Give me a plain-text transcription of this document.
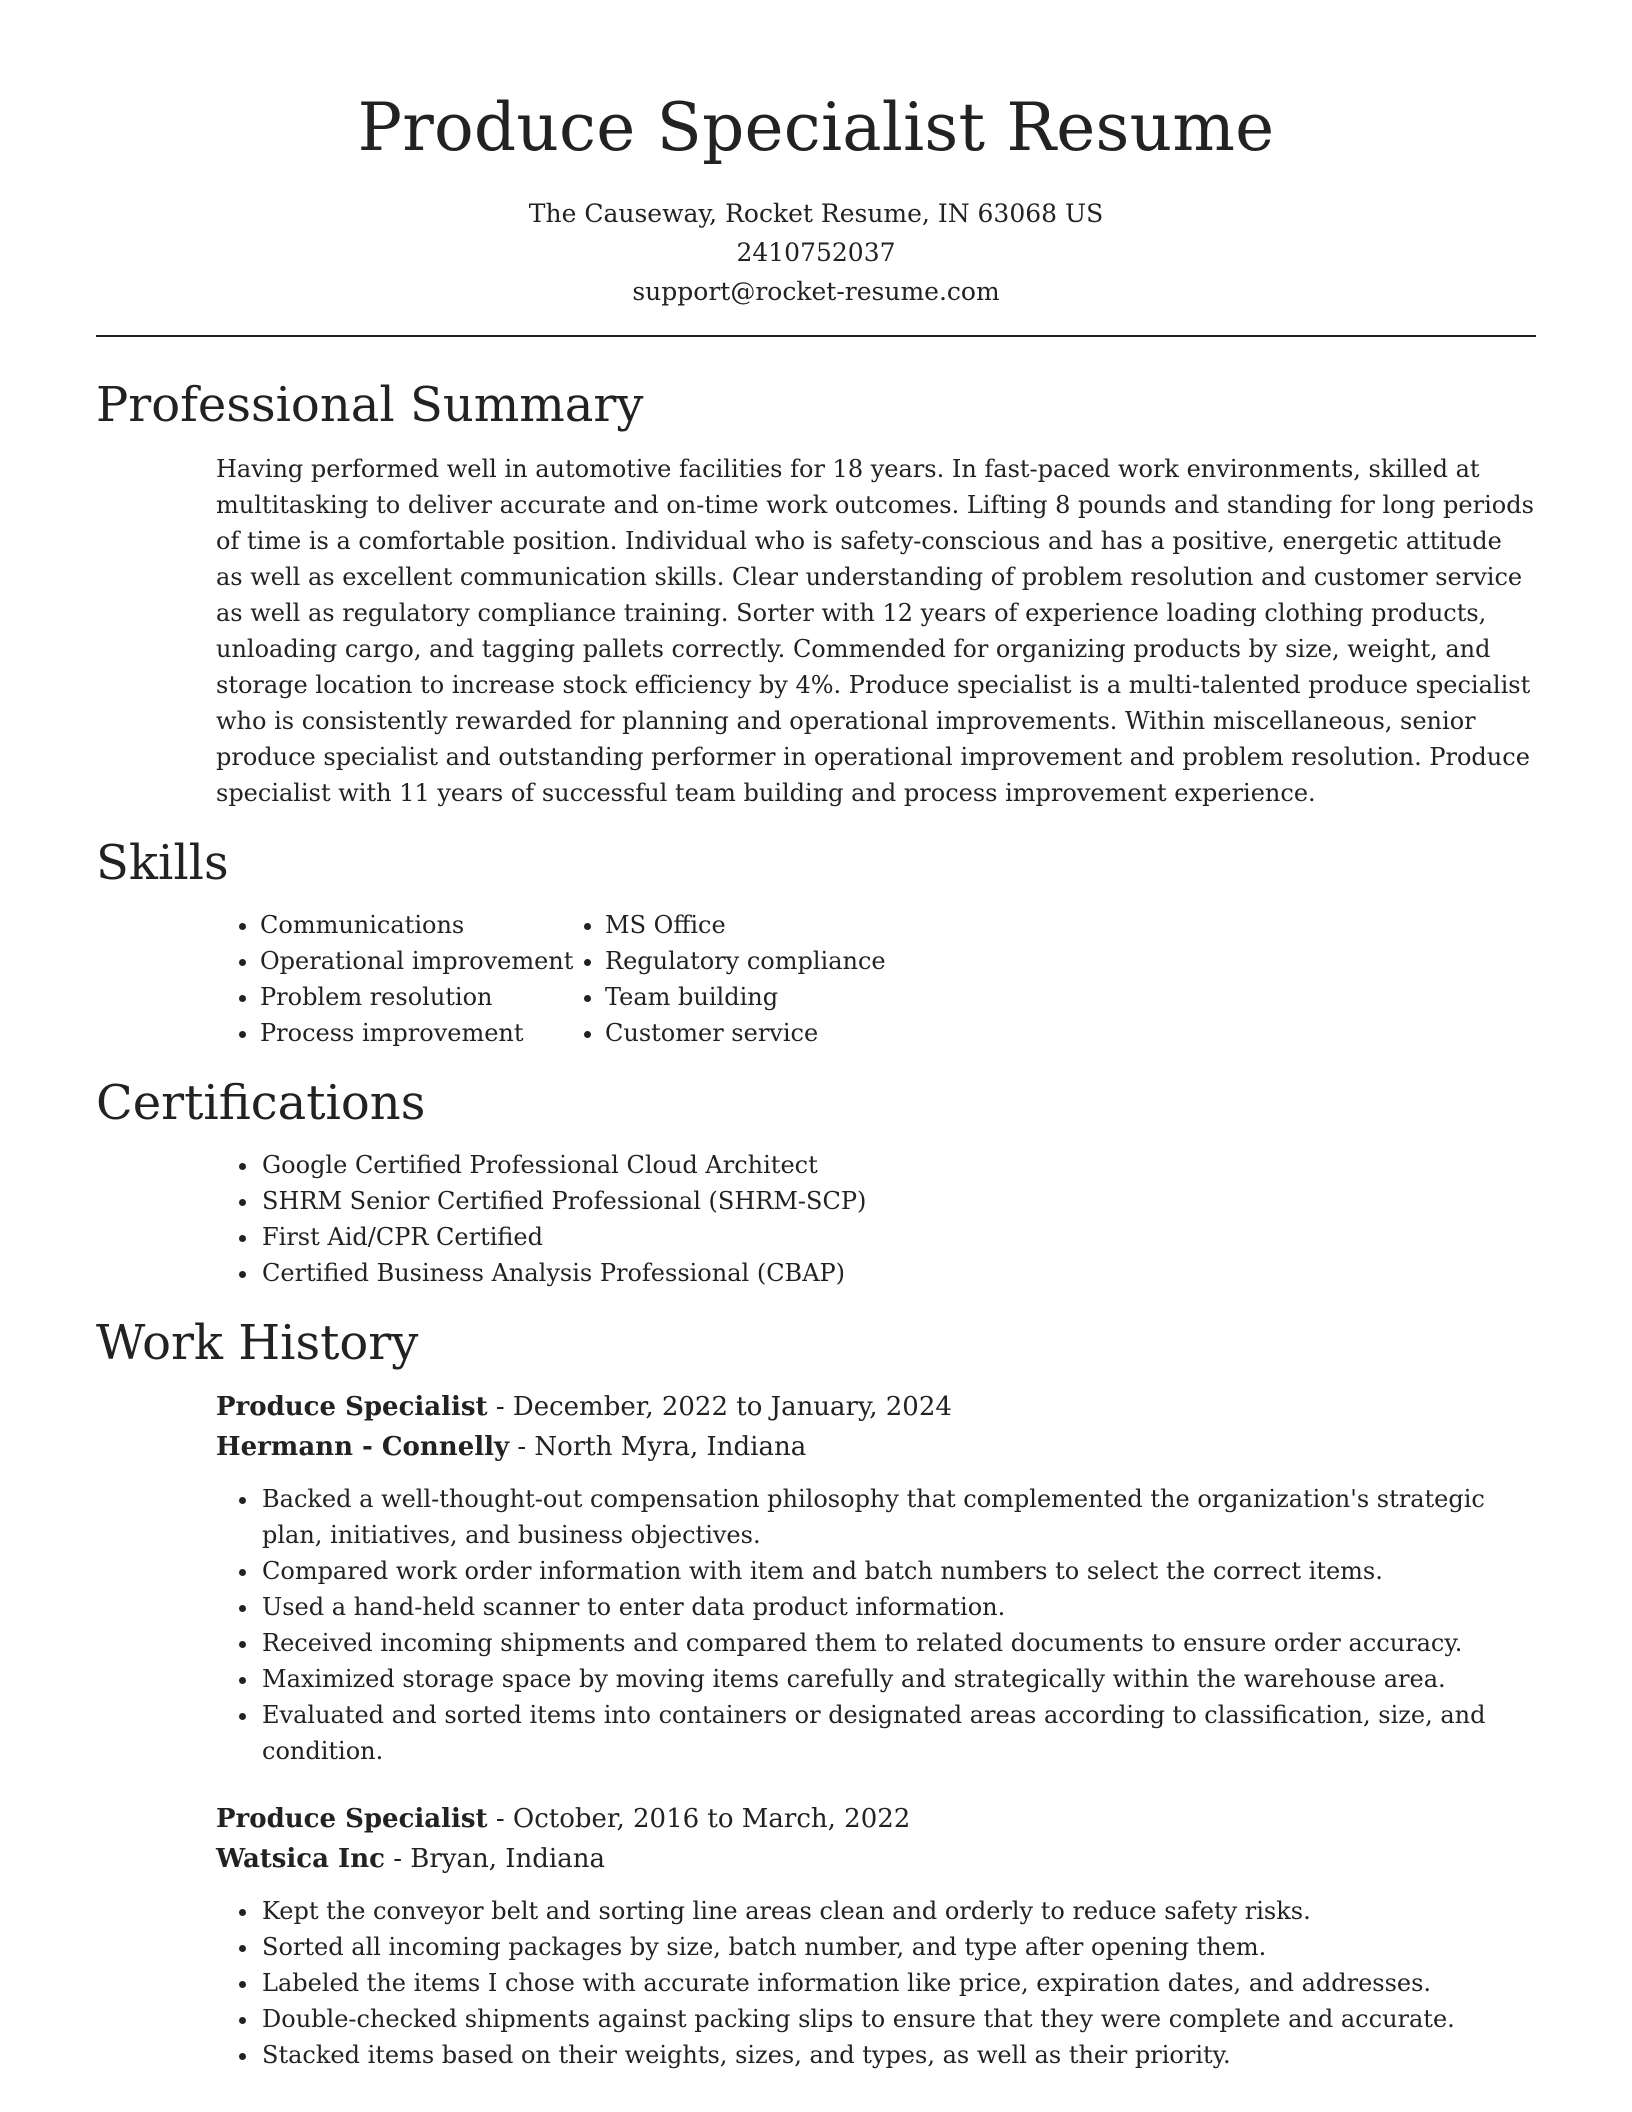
Produce Specialist Resume
The Causeway, Rocket Resume, IN 63068 US
2410752037
support@rocket-resume.com
Professional Summary

Having performed well in automotive facilities for 18 years. In fast-paced work environments, skilled at multitasking to deliver accurate and on-time work outcomes. Lifting 8 pounds and standing for long periods of time is a comfortable position. Individual who is safety-conscious and has a positive, energetic attitude as well as excellent communication skills. Clear understanding of problem resolution and customer service as well as regulatory compliance training. Sorter with 12 years of experience loading clothing products, unloading cargo, and tagging pallets correctly. Commended for organizing products by size, weight, and storage location to increase stock efficiency by 4%. Produce specialist is a multi-talented produce specialist who is consistently rewarded for planning and operational improvements. Within miscellaneous, senior produce specialist and outstanding performer in operational improvement and problem resolution. Produce specialist with 11 years of successful team building and process improvement experience.

Skills
• Communications
• Operational improvement
• Problem resolution
• Process improvement
• MS Office
• Regulatory compliance
• Team building
• Customer service
Certifications
• Google Certified Professional Cloud Architect
• SHRM Senior Certified Professional (SHRM-SCP)
• First Aid/CPR Certified
• Certified Business Analysis Professional (CBAP)
Work History
Produce Specialist - December, 2022 to January, 2024
Hermann - Connelly - North Myra, Indiana
• Backed a well-thought-out compensation philosophy that complemented the organization's strategic plan, initiatives, and business objectives.
• Compared work order information with item and batch numbers to select the correct items.
• Used a hand-held scanner to enter data product information.
• Received incoming shipments and compared them to related documents to ensure order accuracy.
• Maximized storage space by moving items carefully and strategically within the warehouse area.
• Evaluated and sorted items into containers or designated areas according to classification, size, and condition.
Produce Specialist - October, 2016 to March, 2022
Watsica Inc - Bryan, Indiana
• Kept the conveyor belt and sorting line areas clean and orderly to reduce safety risks.
• Sorted all incoming packages by size, batch number, and type after opening them.
• Labeled the items I chose with accurate information like price, expiration dates, and addresses.
• Double-checked shipments against packing slips to ensure that they were complete and accurate.
• Stacked items based on their weights, sizes, and types, as well as their priority.
